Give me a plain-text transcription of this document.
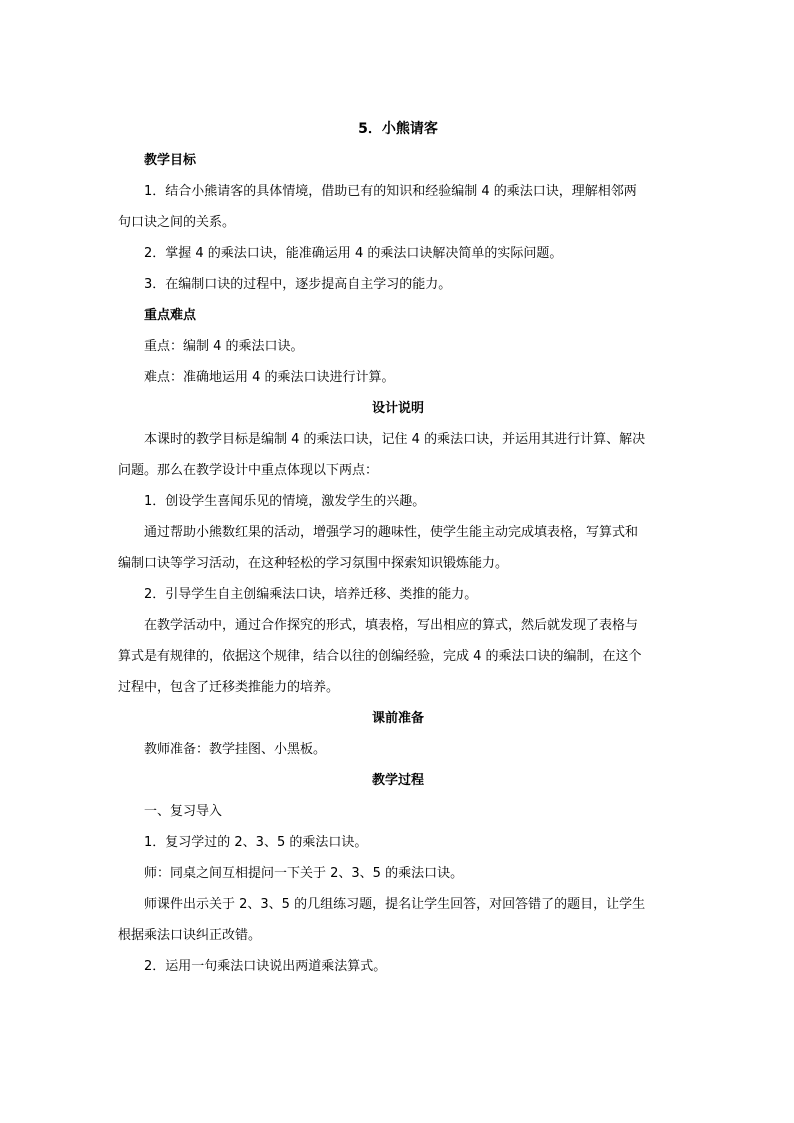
5．小熊请客
教学目标
1．结合小熊请客的具体情境，借助已有的知识和经验编制 4 的乘法口诀，理解相邻两
句口诀之间的关系。
2．掌握 4 的乘法口诀，能准确运用 4 的乘法口诀解决简单的实际问题。
3．在编制口诀的过程中，逐步提高自主学习的能力。
重点难点
重点：编制 4 的乘法口诀。
难点：准确地运用 4 的乘法口诀进行计算。
设计说明
本课时的教学目标是编制 4 的乘法口诀，记住 4 的乘法口诀，并运用其进行计算、解决
问题。那么在教学设计中重点体现以下两点：
1．创设学生喜闻乐见的情境，激发学生的兴趣。
通过帮助小熊数红果的活动，增强学习的趣味性，使学生能主动完成填表格，写算式和
编制口诀等学习活动，在这种轻松的学习氛围中探索知识锻炼能力。
2．引导学生自主创编乘法口诀，培养迁移、类推的能力。
在教学活动中，通过合作探究的形式，填表格，写出相应的算式，然后就发现了表格与
算式是有规律的，依据这个规律，结合以往的创编经验，完成 4 的乘法口诀的编制，在这个
过程中，包含了迁移类推能力的培养。
课前准备
教师准备：教学挂图、小黑板。
教学过程
一、复习导入
1．复习学过的 2、3、5 的乘法口诀。
师：同桌之间互相提问一下关于 2、3、5 的乘法口诀。
师课件出示关于 2、3、5 的几组练习题，提名让学生回答，对回答错了的题目，让学生
根据乘法口诀纠正改错。
2．运用一句乘法口诀说出两道乘法算式。
